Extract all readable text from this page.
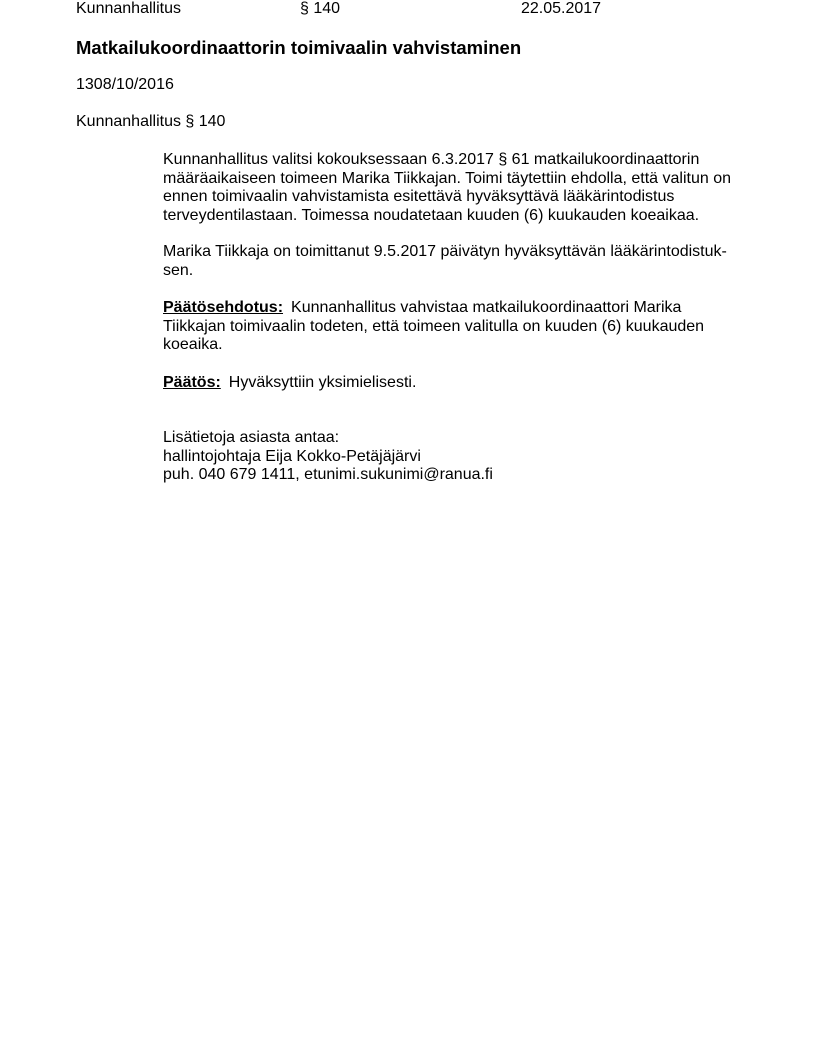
Kunnanhallitus	§ 140	22.05.2017
Matkailukoordinaattorin toimivaalin vahvistaminen
1308/10/2016
Kunnanhallitus § 140

Kunnanhallitus valitsi kokouksessaan 6.3.2017 § 61 matkailukoordinaattorin

määräaikaiseen toimeen Marika Tiikkajan. Toimi täytettiin ehdolla, että valitun on

ennen toimivaalin vahvistamista esitettävä hyväksyttävä lääkärintodistus

terveydentilastaan. Toimessa noudatetaan kuuden (6) kuukauden koeaikaa.

Marika Tiikkaja on toimittanut 9.5.2017 päivätyn hyväksyttävän lääkärintodistuk-

sen.

Päätösehdotus: Kunnanhallitus vahvistaa matkailukoordinaattori Marika

Tiikkajan toimivaalin todeten, että toimeen valitulla on kuuden (6) kuukauden

koeaika.

Päätös: Hyväksyttiin yksimielisesti.

Lisätietoja asiasta antaa:

hallintojohtaja Eija Kokko-Petäjäjärvi

puh. 040 679 1411, etunimi.sukunimi@ranua.fi
